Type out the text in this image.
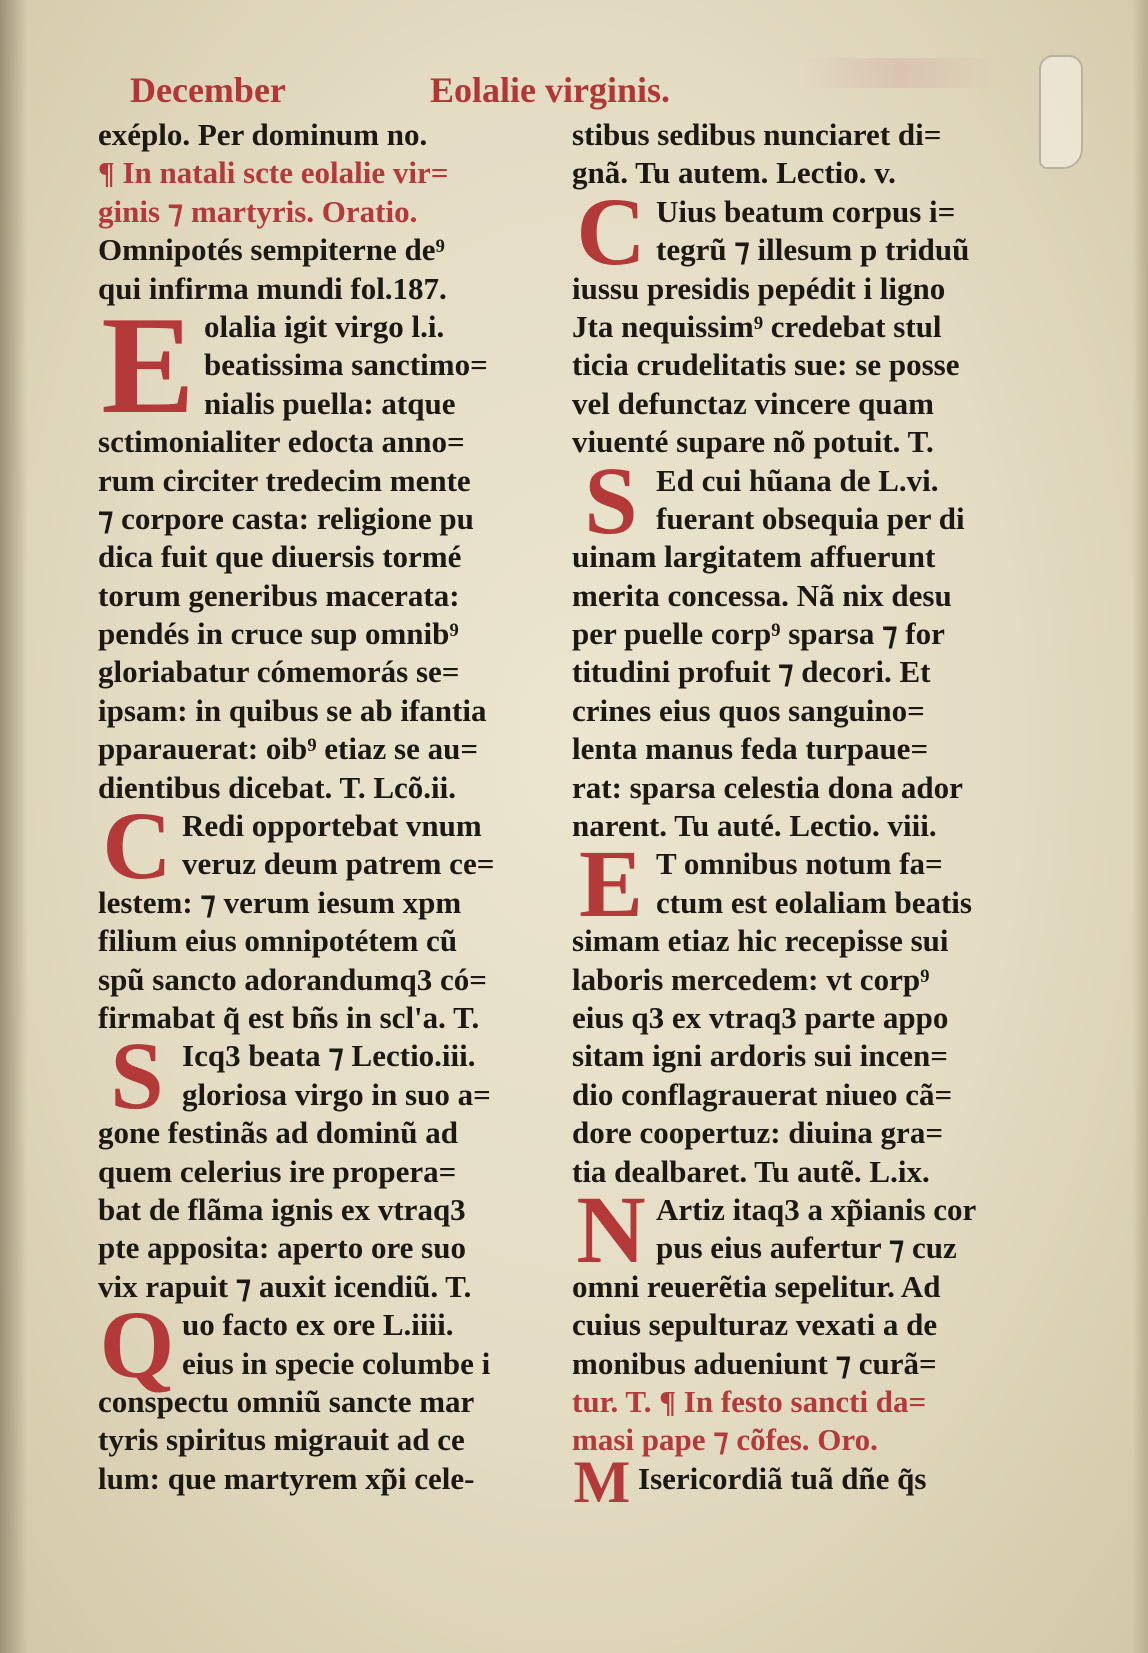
December	Eolalie virginis.
exéplo. Per dominum no.
¶ In natali scte eolalie vir=
ginis ⁊ martyris. Oratio.
Omnipotés sempiterne de⁹
qui infirma mundi fol.187.
E olalia igit virgo l.i.
beatissima sanctimo=
nialis puella: atque
sctimonialiter edocta anno=
rum circiter tredecim mente
⁊ corpore casta: religione pu
dica fuit que diuersis tormé
torum generibus macerata:
pendés in cruce sup omnib⁹
gloriabatur cómemorás se=
ipsam: in quibus se ab ifantia
pparauerat: oib⁹ etiaz se au=
dientibus dicebat. T. Lcõ.ii.
C Redi opportebat vnum
veruz deum patrem ce=
lestem: ⁊ verum iesum xpm
filium eius omnipotétem cũ
spũ sancto adorandumq3 có=
firmabat q̃ est bñs in scl'a. T.
S Icq3 beata ⁊ Lectio.iii.
gloriosa virgo in suo a=
gone festinãs ad dominũ ad
quem celerius ire propera=
bat de flãma ignis ex vtraq3
pte apposita: aperto ore suo
vix rapuit ⁊ auxit icendiũ. T.
Q uo facto ex ore L.iiii.
eius in specie columbe i
conspectu omniũ sancte mar
tyris spiritus migrauit ad ce
lum: que martyrem xp̃i cele-
stibus sedibus nunciaret di=
gnã. Tu autem. Lectio. v.
C Uius beatum corpus i=
tegrũ ⁊ illesum p triduũ
iussu presidis pepédit i ligno
Jta nequissim⁹ credebat stul
ticia crudelitatis sue: se posse
vel defunctaz vincere quam
viuenté supare nõ potuit. T.
S Ed cui hũana de L.vi.
fuerant obsequia per di
uinam largitatem affuerunt
merita concessa. Nã nix desu
per puelle corp⁹ sparsa ⁊ for
titudini profuit ⁊ decori. Et
crines eius quos sanguino=
lenta manus feda turpaue=
rat: sparsa celestia dona ador
narent. Tu auté. Lectio. viii.
E T omnibus notum fa=
ctum est eolaliam beatis
simam etiaz hic recepisse sui
laboris mercedem: vt corp⁹
eius q3 ex vtraq3 parte appo
sitam igni ardoris sui incen=
dio conflagrauerat niueo cã=
dore coopertuz: diuina gra=
tia dealbaret. Tu autẽ. L.ix.
N Artiz itaq3 a xp̃ianis cor
pus eius aufertur ⁊ cuz
omni reuerẽtia sepelitur. Ad
cuius sepulturaz vexati a de
monibus adueniunt ⁊ curã=
tur. T. ¶ In festo sancti da=
masi pape ⁊ cõfes. Oro.
M Isericordiã tuã dñe q̃s
